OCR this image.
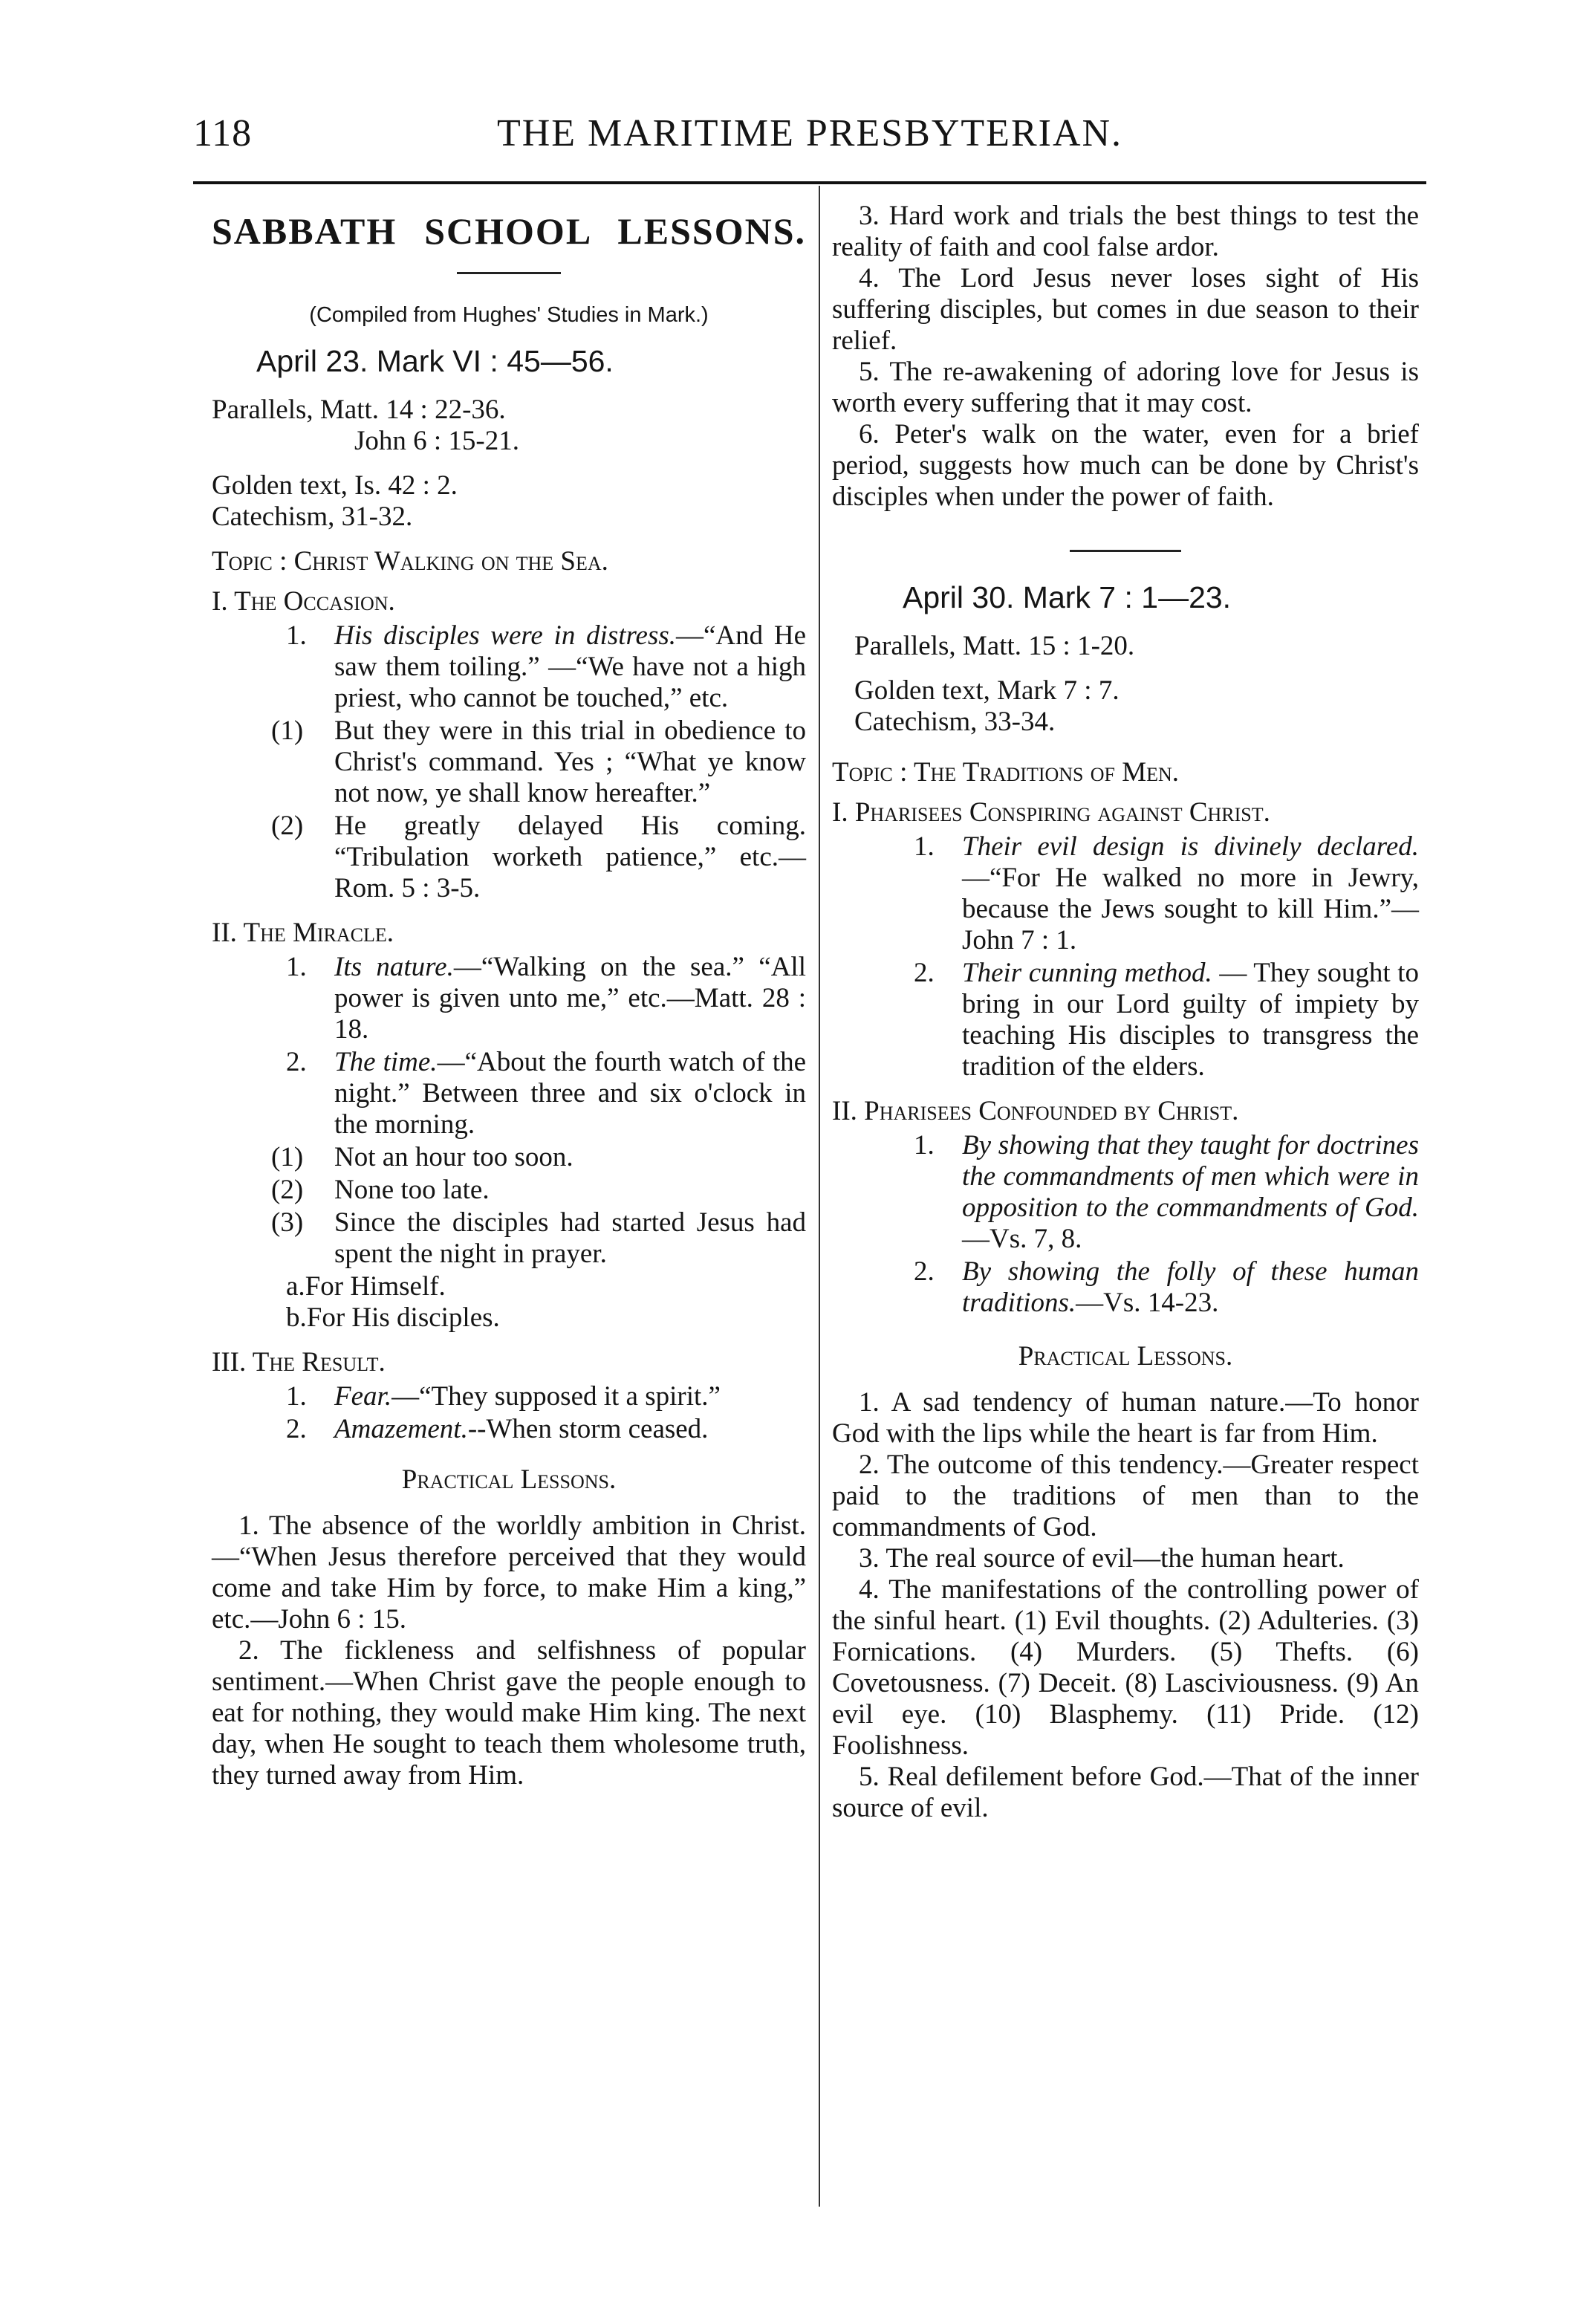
118	THE MARITIME PRESBYTERIAN.

SABBATH SCHOOL LESSONS.

(Compiled from Hughes' Studies in Mark.)

April 23. Mark VI : 45—56.

Parallels, Matt. 14 : 22-36.

John 6 : 15-21.

Golden text, Is. 42 : 2.

Catechism, 31-32.

Topic : Christ Walking on the Sea.

I. The Occasion.

1. His disciples were in distress.—“And He saw them toiling.” —“We have not a high priest, who cannot be touched,” etc.

(1) But they were in this trial in obedience to Christ's command. Yes ; “What ye know not now, ye shall know hereafter.”

(2) He greatly delayed His coming. “Tribulation worketh patience,” etc.—Rom. 5 : 3-5.

II. The Miracle.

1. Its nature.—“Walking on the sea.” “All power is given unto me,” etc.—Matt. 28 : 18.

2. The time.—“About the fourth watch of the night.” Between three and six o'clock in the morning.

(1) Not an hour too soon.

(2) None too late.

(3) Since the disciples had started Jesus had spent the night in prayer.

a.For Himself.

b.For His disciples.

III. The Result.

1. Fear.—“They supposed it a spirit.”

2. Amazement.--When storm ceased.

Practical Lessons.

1. The absence of the worldly ambition in Christ.—“When Jesus therefore perceived that they would come and take Him by force, to make Him a king,” etc.—John 6 : 15.

2. The fickleness and selfishness of popular sentiment.—When Christ gave the people enough to eat for nothing, they would make Him king. The next day, when He sought to teach them wholesome truth, they turned away from Him.

3. Hard work and trials the best things to test the reality of faith and cool false ardor.

4. The Lord Jesus never loses sight of His suffering disciples, but comes in due season to their relief.

5. The re-awakening of adoring love for Jesus is worth every suffering that it may cost.

6. Peter's walk on the water, even for a brief period, suggests how much can be done by Christ's disciples when under the power of faith.

April 30. Mark 7 : 1—23.

Parallels, Matt. 15 : 1-20.

Golden text, Mark 7 : 7.

Catechism, 33-34.

Topic : The Traditions of Men.

I. Pharisees Conspiring against Christ.

1. Their evil design is divinely declared.—“For He walked no more in Jewry, because the Jews sought to kill Him.”—John 7 : 1.

2. Their cunning method. — They sought to bring in our Lord guilty of impiety by teaching His disciples to transgress the tradition of the elders.

II. Pharisees Confounded by Christ.

1. By showing that they taught for doctrines the commandments of men which were in opposition to the commandments of God.—Vs. 7, 8.

2. By showing the folly of these human traditions.—Vs. 14-23.

Practical Lessons.

1. A sad tendency of human nature.—To honor God with the lips while the heart is far from Him.

2. The outcome of this tendency.—Greater respect paid to the traditions of men than to the commandments of God.

3. The real source of evil—the human heart.

4. The manifestations of the controlling power of the sinful heart. (1) Evil thoughts. (2) Adulteries. (3) Fornications. (4) Murders. (5) Thefts. (6) Covetousness. (7) Deceit. (8) Lasciviousness. (9) An evil eye. (10) Blasphemy. (11) Pride. (12) Foolishness.

5. Real defilement before God.—That of the inner source of evil.
